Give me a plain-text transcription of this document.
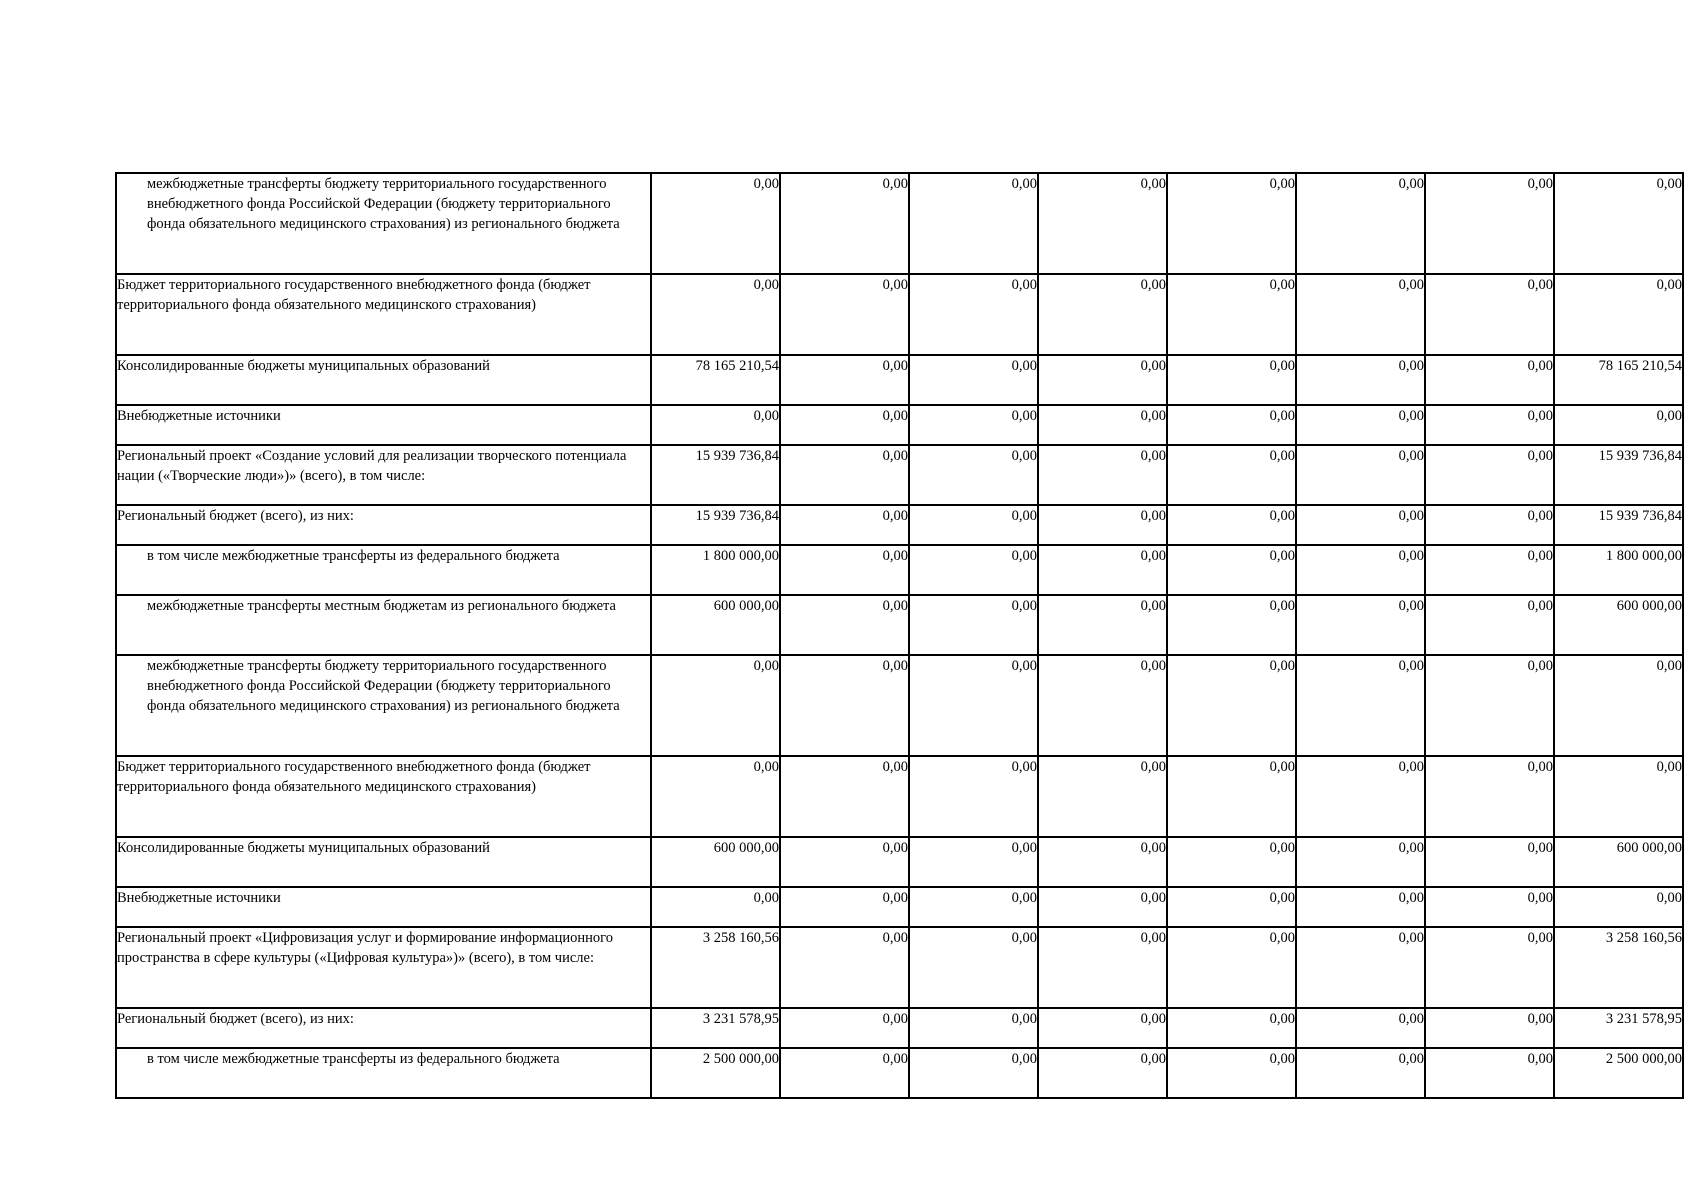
межбюджетные трансферты бюджету территориального государственного внебюджетного фонда Российской Федерации (бюджету территориального фонда обязательного медицинского страхования) из регионального бюджета	0,00	0,00	0,00	0,00	0,00	0,00	0,00	0,00
Бюджет территориального государственного внебюджетного фонда (бюджет территориального фонда обязательного медицинского страхования)	0,00	0,00	0,00	0,00	0,00	0,00	0,00	0,00
Консолидированные бюджеты муниципальных образований	78 165 210,54	0,00	0,00	0,00	0,00	0,00	0,00	78 165 210,54
Внебюджетные источники	0,00	0,00	0,00	0,00	0,00	0,00	0,00	0,00
Региональный проект «Создание условий для реализации творческого потенциала нации («Творческие люди»)» (всего), в том числе:	15 939 736,84	0,00	0,00	0,00	0,00	0,00	0,00	15 939 736,84
Региональный бюджет (всего), из них:	15 939 736,84	0,00	0,00	0,00	0,00	0,00	0,00	15 939 736,84
в том числе межбюджетные трансферты из федерального бюджета	1 800 000,00	0,00	0,00	0,00	0,00	0,00	0,00	1 800 000,00
межбюджетные трансферты местным бюджетам из регионального бюджета	600 000,00	0,00	0,00	0,00	0,00	0,00	0,00	600 000,00
межбюджетные трансферты бюджету территориального государственного внебюджетного фонда Российской Федерации (бюджету территориального фонда обязательного медицинского страхования) из регионального бюджета	0,00	0,00	0,00	0,00	0,00	0,00	0,00	0,00
Бюджет территориального государственного внебюджетного фонда (бюджет территориального фонда обязательного медицинского страхования)	0,00	0,00	0,00	0,00	0,00	0,00	0,00	0,00
Консолидированные бюджеты муниципальных образований	600 000,00	0,00	0,00	0,00	0,00	0,00	0,00	600 000,00
Внебюджетные источники	0,00	0,00	0,00	0,00	0,00	0,00	0,00	0,00
Региональный проект «Цифровизация услуг и формирование информационного пространства в сфере культуры («Цифровая культура»)» (всего), в том числе:	3 258 160,56	0,00	0,00	0,00	0,00	0,00	0,00	3 258 160,56
Региональный бюджет (всего), из них:	3 231 578,95	0,00	0,00	0,00	0,00	0,00	0,00	3 231 578,95
в том числе межбюджетные трансферты из федерального бюджета	2 500 000,00	0,00	0,00	0,00	0,00	0,00	0,00	2 500 000,00
